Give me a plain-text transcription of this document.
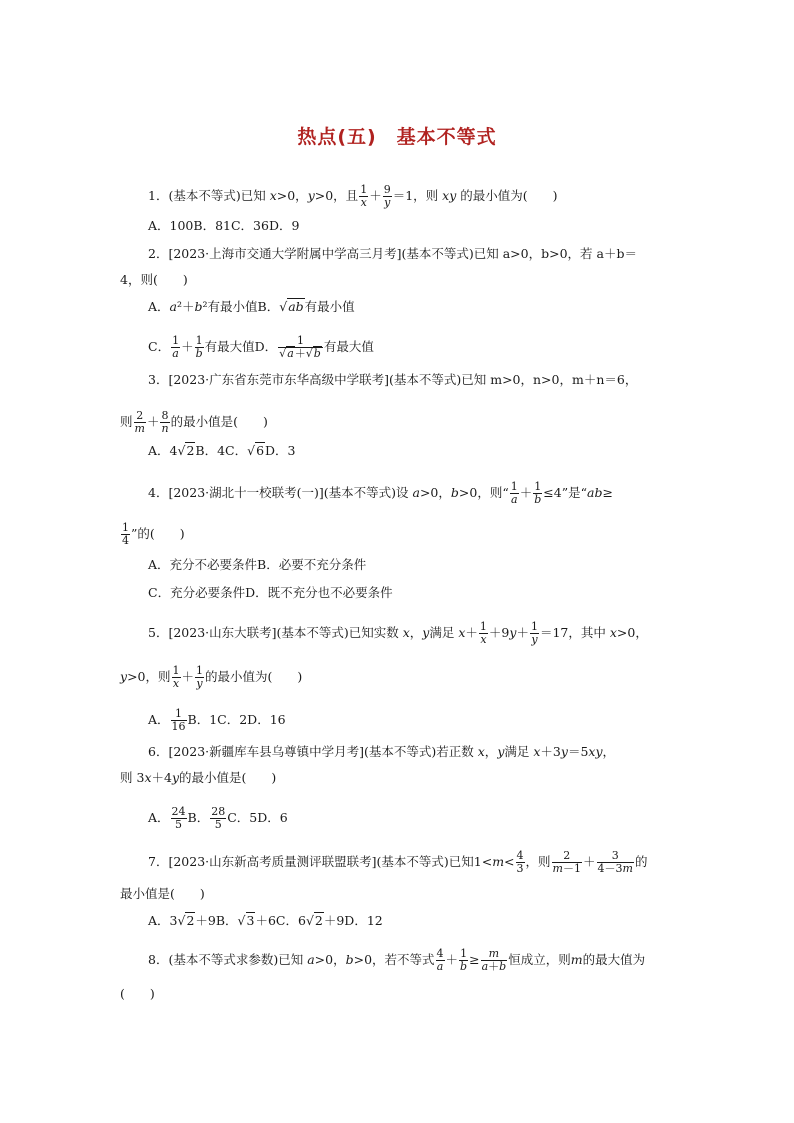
热点(五)　基本不等式
1．(基本不等式)已知 x>0，y>0，且 $\frac{1}{x} + \frac{9}{y} =1$，则 xy 的最小值为(　　)
A．100B．81C．36D．9
2．[2023·上海市交通大学附属中学高三月考](基本不等式)已知 a>0，b>0，若 a＋b＝
4，则(　　)
A．a²＋b²有最小值B．√ab有最小值
C． $\frac{1}{a} + \frac{1}{b}$ 有最大值D． $\frac{1}{√a+√b}$ 有最大值
3．[2023·广东省东莞市东华高级中学联考](基本不等式)已知 m>0，n>0，m＋n＝6，
则 $\frac{2}{m} + \frac{8}{n}$ 的最小值是(　　)
A．4√2B．4C．√6D．3
4．[2023·湖北十一校联考(一)](基本不等式)设 a>0，b>0，则“ $\frac{1}{a} + \frac{1}{b} \le 4$”是“ab≥
$\frac{1}{4}$ ”的(　　)
A．充分不必要条件B．必要不充分条件
C．充分必要条件D．既不充分也不必要条件
5．[2023·山东大联考](基本不等式)已知实数 x，y满足 $x+ \frac{1}{x} +9y+ \frac{1}{y} =17$，其中 x>0，
y>0，则 $\frac{1}{x} + \frac{1}{y}$ 的最小值为(　　)
A． $\frac{1}{16}$ B．1C．2D．16
6．[2023·新疆库车县乌尊镇中学月考](基本不等式)若正数 x，y满足 x＋3y＝5xy，
则 3x＋4y的最小值是(　　)
A． $\frac{24}{5}$ B． $\frac{28}{5}$ C．5D．6
7．[2023·山东新高考质量测评联盟联考](基本不等式)已知$1<m< \frac{4}{3}$ ，则 $\frac{2}{m-1} + \frac{3}{4-3m}$ 的
最小值是(　　)
A．3√2＋9B．√3＋6C．6√2＋9D．12
8．(基本不等式求参数)已知 a>0，b>0，若不等式 $\frac{4}{a} + \frac{1}{b} \ge \frac{m}{a+b}$ 恒成立，则m的最大值为
(　　)
